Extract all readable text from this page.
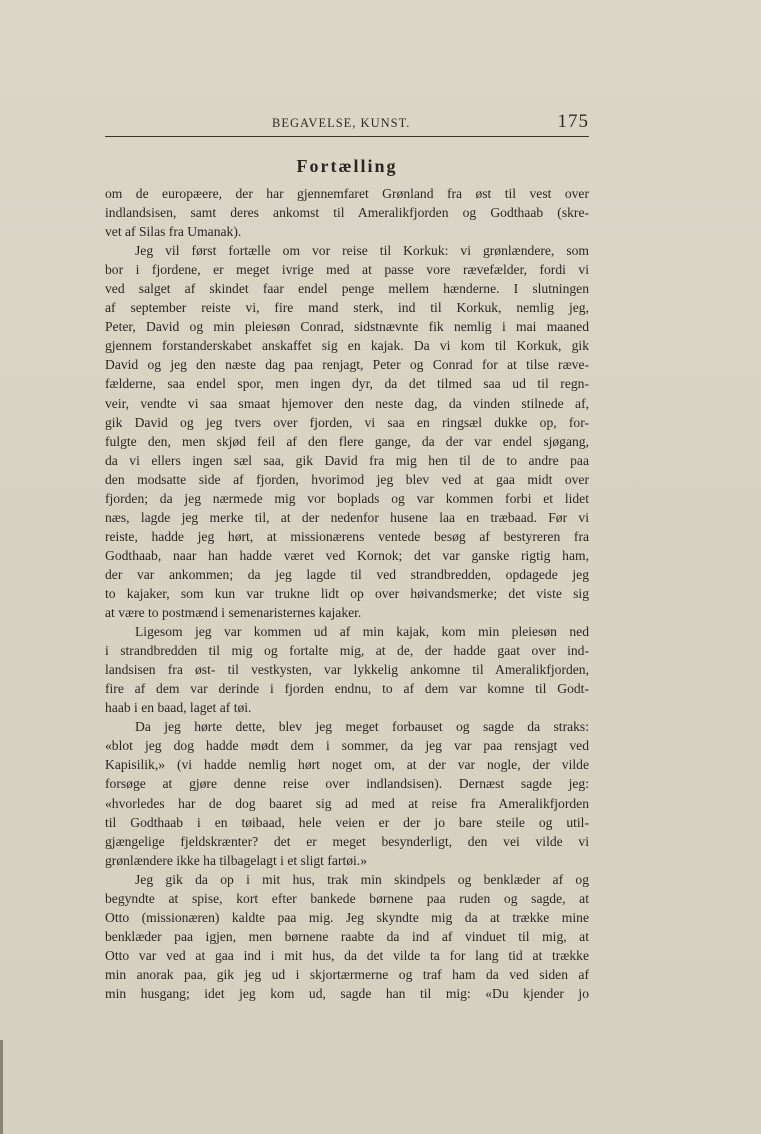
BEGAVELSE, KUNST.	175
Fortælling
om de europæere, der har gjennemfaret Grønland fra øst til vest over
indlandsisen, samt deres ankomst til Ameralikfjorden og Godthaab (skre-
vet af Silas fra Umanak).
Jeg vil først fortælle om vor reise til Korkuk: vi grønlændere, som
bor i fjordene, er meget ivrige med at passe vore rævefælder, fordi vi
ved salget af skindet faar endel penge mellem hænderne. I slutningen
af september reiste vi, fire mand sterk, ind til Korkuk, nemlig jeg,
Peter, David og min pleiesøn Conrad, sidstnævnte fik nemlig i mai maaned
gjennem forstanderskabet anskaffet sig en kajak. Da vi kom til Korkuk, gik
David og jeg den næste dag paa renjagt, Peter og Conrad for at tilse ræve-
fælderne, saa endel spor, men ingen dyr, da det tilmed saa ud til regn-
veir, vendte vi saa smaat hjemover den neste dag, da vinden stilnede af,
gik David og jeg tvers over fjorden, vi saa en ringsæl dukke op, for-
fulgte den, men skjød feil af den flere gange, da der var endel sjøgang,
da vi ellers ingen sæl saa, gik David fra mig hen til de to andre paa
den modsatte side af fjorden, hvorimod jeg blev ved at gaa midt over
fjorden; da jeg nærmede mig vor boplads og var kommen forbi et lidet
næs, lagde jeg merke til, at der nedenfor husene laa en træbaad. Før vi
reiste, hadde jeg hørt, at missionærens ventede besøg af bestyreren fra
Godthaab, naar han hadde været ved Kornok; det var ganske rigtig ham,
der var ankommen; da jeg lagde til ved strandbredden, opdagede jeg
to kajaker, som kun var trukne lidt op over høivandsmerke; det viste sig
at være to postmænd i semenaristernes kajaker.
Ligesom jeg var kommen ud af min kajak, kom min pleiesøn ned
i strandbredden til mig og fortalte mig, at de, der hadde gaat over ind-
landsisen fra øst- til vestkysten, var lykkelig ankomne til Ameralikfjorden,
fire af dem var derinde i fjorden endnu, to af dem var komne til Godt-
haab i en baad, laget af tøi.
Da jeg hørte dette, blev jeg meget forbauset og sagde da straks:
«blot jeg dog hadde mødt dem i sommer, da jeg var paa rensjagt ved
Kapisilik,» (vi hadde nemlig hørt noget om, at der var nogle, der vilde
forsøge at gjøre denne reise over indlandsisen). Dernæst sagde jeg:
«hvorledes har de dog baaret sig ad med at reise fra Ameralikfjorden
til Godthaab i en tøibaad, hele veien er der jo bare steile og util-
gjængelige fjeldskrænter? det er meget besynderligt, den vei vilde vi
grønlændere ikke ha tilbagelagt i et sligt fartøi.»
Jeg gik da op i mit hus, trak min skindpels og benklæder af og
begyndte at spise, kort efter bankede børnene paa ruden og sagde, at
Otto (missionæren) kaldte paa mig. Jeg skyndte mig da at trække mine
benklæder paa igjen, men børnene raabte da ind af vinduet til mig, at
Otto var ved at gaa ind i mit hus, da det vilde ta for lang tid at trække
min anorak paa, gik jeg ud i skjortærmerne og traf ham da ved siden af
min husgang; idet jeg kom ud, sagde han til mig: «Du kjender jo
